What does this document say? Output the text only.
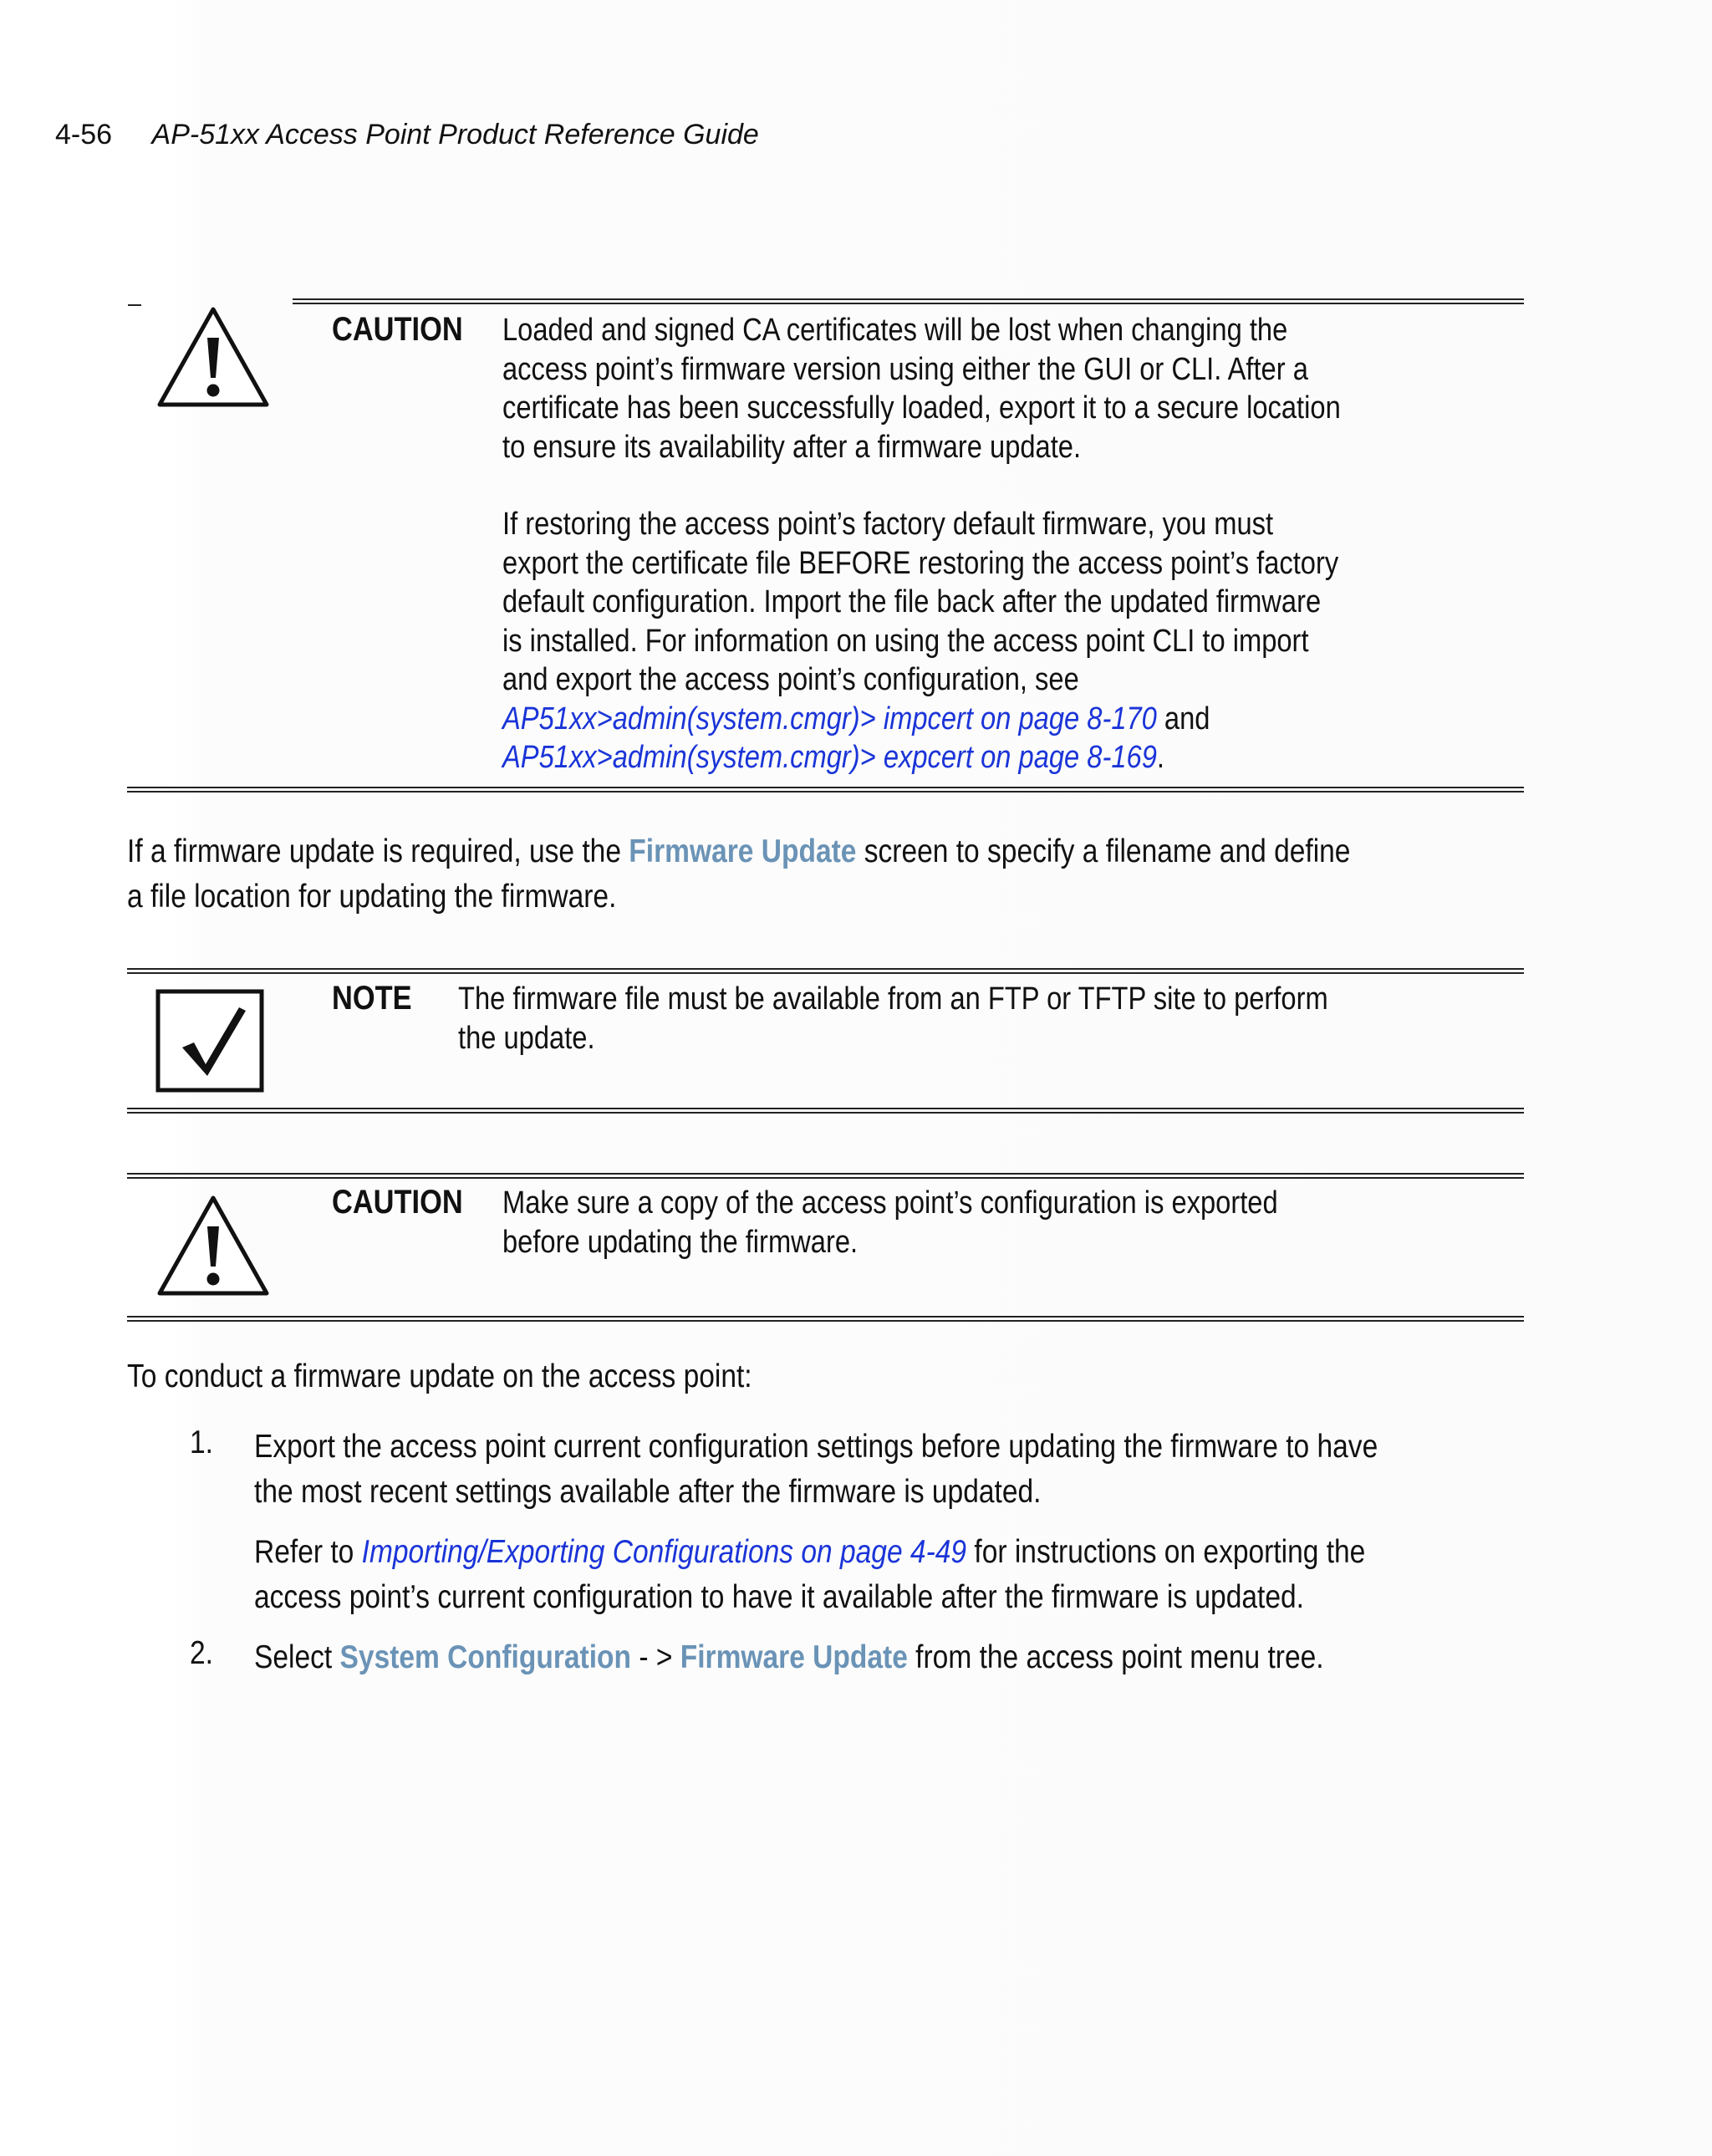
4-56 AP-51xx Access Point Product Reference Guide
CAUTION Loaded and signed CA certificates will be lost when changing the

access point’s firmware version using either the GUI or CLI. After a

certificate has been successfully loaded, export it to a secure location

to ensure its availability after a firmware update.

If restoring the access point’s factory default firmware, you must

export the certificate file BEFORE restoring the access point’s factory

default configuration. Import the file back after the updated firmware

is installed. For information on using the access point CLI to import

and export the access point’s configuration, see

AP51xx>admin(system.cmgr)> impcert on page 8-170 and

AP51xx>admin(system.cmgr)> expcert on page 8-169.

If a firmware update is required, use the Firmware Update screen to specify a filename and define

a file location for updating the firmware.

NOTE The firmware file must be available from an FTP or TFTP site to perform

the update.

CAUTION Make sure a copy of the access point’s configuration is exported

before updating the firmware.

To conduct a firmware update on the access point:
1. Export the access point current configuration settings before updating the firmware to have

the most recent settings available after the firmware is updated.

Refer to Importing/Exporting Configurations on page 4-49 for instructions on exporting the

access point’s current configuration to have it available after the firmware is updated.

2. Select System Configuration - > Firmware Update from the access point menu tree.
